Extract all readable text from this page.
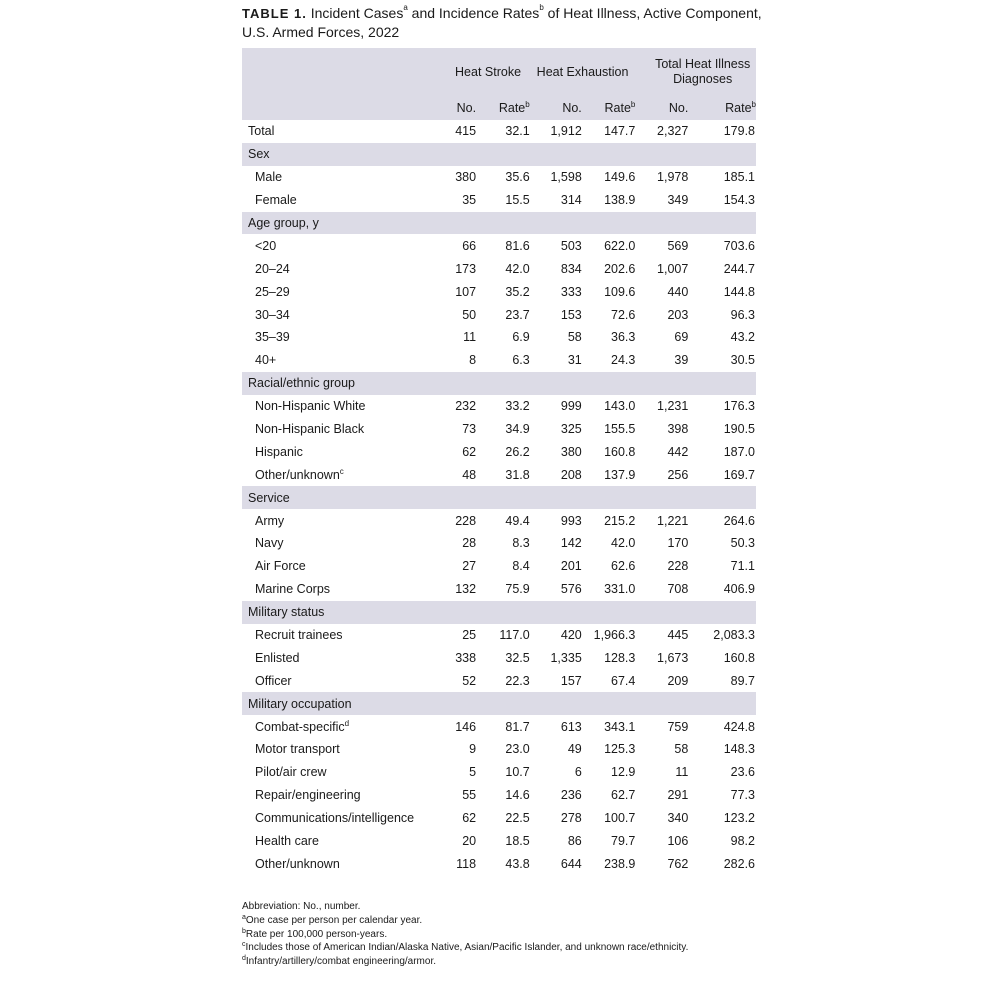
TABLE 1. Incident Cases$^a$ and Incidence Rates$^b$ of Heat Illness, Active Component, U.S. Armed Forces, 2022
	Heat Stroke		Heat Exhaustion		Total Heat Illness Diagnoses	

	No.	Rate$^b$	No.	Rate$^b$	No.	Rate$^b$
Total	415	32.1	1,912	147.7	2,327	179.8
Sex						
Male	380	35.6	1,598	149.6	1,978	185.1
Female	35	15.5	314	138.9	349	154.3
Age group, y						
<20	66	81.6	503	622.0	569	703.6
20–24	173	42.0	834	202.6	1,007	244.7
25–29	107	35.2	333	109.6	440	144.8
30–34	50	23.7	153	72.6	203	96.3
35–39	11	6.9	58	36.3	69	43.2
40+	8	6.3	31	24.3	39	30.5
Racial/ethnic group						
Non-Hispanic White	232	33.2	999	143.0	1,231	176.3
Non-Hispanic Black	73	34.9	325	155.5	398	190.5
Hispanic	62	26.2	380	160.8	442	187.0
Other/unknown$^c$	48	31.8	208	137.9	256	169.7
Service						
Army	228	49.4	993	215.2	1,221	264.6
Navy	28	8.3	142	42.0	170	50.3
Air Force	27	8.4	201	62.6	228	71.1
Marine Corps	132	75.9	576	331.0	708	406.9
Military status						
Recruit trainees	25	117.0	420	1,966.3	445	2,083.3
Enlisted	338	32.5	1,335	128.3	1,673	160.8
Officer	52	22.3	157	67.4	209	89.7
Military occupation						
Combat-specific$^d$	146	81.7	613	343.1	759	424.8
Motor transport	9	23.0	49	125.3	58	148.3
Pilot/air crew	5	10.7	6	12.9	11	23.6
Repair/engineering	55	14.6	236	62.7	291	77.3
Communications/intelligence	62	22.5	278	100.7	340	123.2
Health care	20	18.5	86	79.7	106	98.2
Other/unknown	118	43.8	644	238.9	762	282.6
Abbreviation: No., number.
$^a$One case per person per calendar year.
$^b$Rate per 100,000 person-years.
$^c$Includes those of American Indian/Alaska Native, Asian/Pacific Islander, and unknown race/ethnicity.
$^d$Infantry/artillery/combat engineering/armor.
